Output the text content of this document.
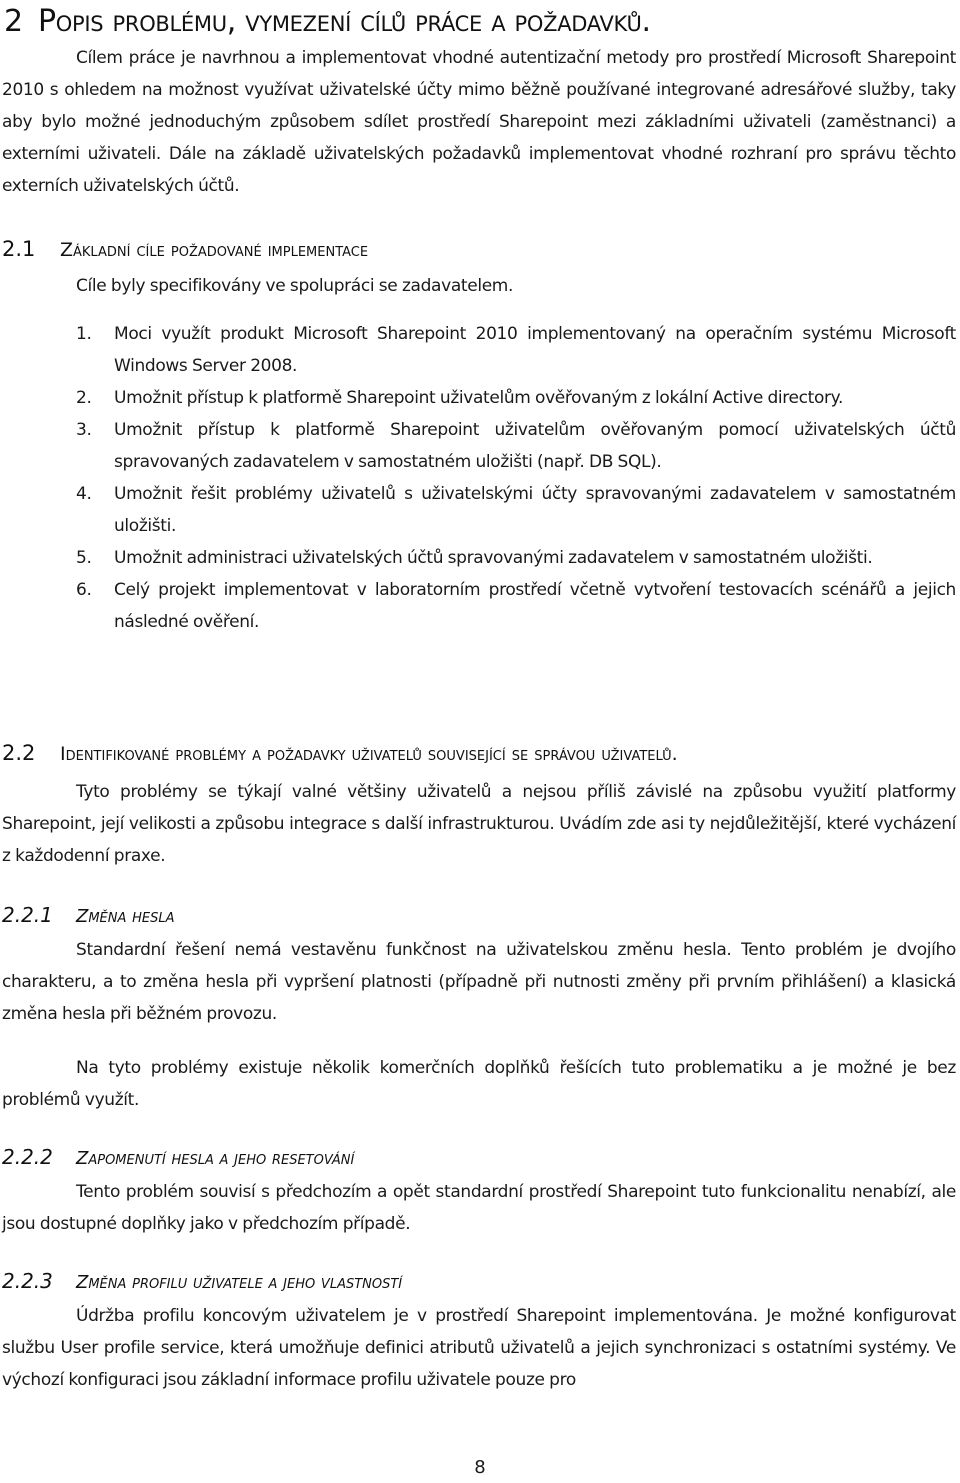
2 Popis problému, vymezení cílů práce a požadavků.

Cílem práce je navrhnou a implementovat vhodné autentizační metody pro prostředí Microsoft Sharepoint 2010 s ohledem na možnost využívat uživatelské účty mimo běžně používané integrované adresářové služby, taky aby bylo možné jednoduchým způsobem sdílet prostředí Sharepoint mezi základními uživateli (zaměstnanci) a externími uživateli. Dále na základě uživatelských požadavků implementovat vhodné rozhraní pro správu těchto externích uživatelských účtů.

2.1 Základní cíle požadované implementace

Cíle byly specifikovány ve spolupráci se zadavatelem.

1. Moci využít produkt Microsoft Sharepoint 2010 implementovaný na operačním systému Microsoft Windows Server 2008.
2. Umožnit přístup k platformě Sharepoint uživatelům ověřovaným z lokální Active directory.
3. Umožnit přístup k platformě Sharepoint uživatelům ověřovaným pomocí uživatelských účtů spravovaných zadavatelem v samostatném uložišti (např. DB SQL).
4. Umožnit řešit problémy uživatelů s uživatelskými účty spravovanými zadavatelem v samostatném uložišti.
5. Umožnit administraci uživatelských účtů spravovanými zadavatelem v samostatném uložišti.
6. Celý projekt implementovat v laboratorním prostředí včetně vytvoření testovacích scénářů a jejich následné ověření.
2.2 Identifikované problémy a požadavky uživatelů související se správou uživatelů.

Tyto problémy se týkají valné většiny uživatelů a nejsou příliš závislé na způsobu využití platformy Sharepoint, její velikosti a způsobu integrace s další infrastrukturou. Uvádím zde asi ty nejdůležitější, které vycházení z každodenní praxe.

2.2.1 Změna hesla

Standardní řešení nemá vestavěnu funkčnost na uživatelskou změnu hesla. Tento problém je dvojího charakteru, a to změna hesla při vypršení platnosti (případně při nutnosti změny při prvním přihlášení) a klasická změna hesla při běžném provozu.

Na tyto problémy existuje několik komerčních doplňků řešících tuto problematiku a je možné je bez problémů využít.

2.2.2 Zapomenutí hesla a jeho resetování

Tento problém souvisí s předchozím a opět standardní prostředí Sharepoint tuto funkcionalitu nenabízí, ale jsou dostupné doplňky jako v předchozím případě.

2.2.3 Změna profilu uživatele a jeho vlastností

Údržba profilu koncovým uživatelem je v prostředí Sharepoint implementována. Je možné konfigurovat službu User profile service, která umožňuje definici atributů uživatelů a jejich synchronizaci s ostatními systémy. Ve výchozí konfiguraci jsou základní informace profilu uživatele pouze pro

8
